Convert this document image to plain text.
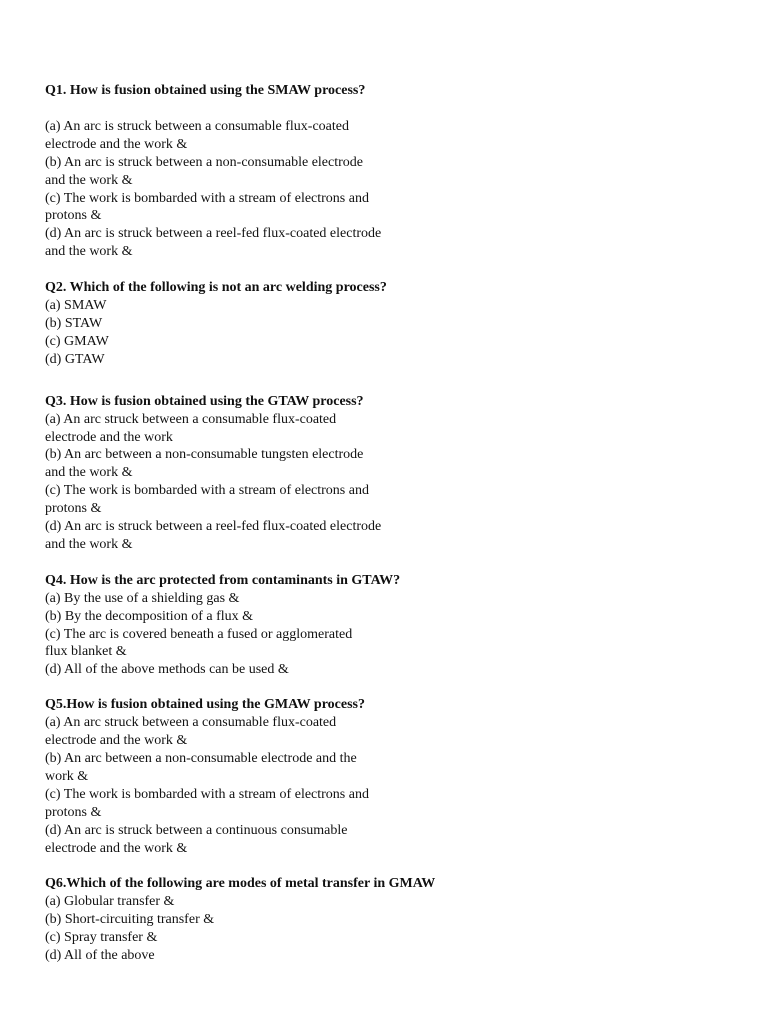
Q1. How is fusion obtained using the SMAW process?

(a) An arc is struck between a consumable flux-coated

electrode and the work &

(b) An arc is struck between a non-consumable electrode

and the work &

(c) The work is bombarded with a stream of electrons and

protons &

(d) An arc is struck between a reel-fed flux-coated electrode

and the work &

Q2. Which of the following is not an arc welding process?

(a) SMAW

(b) STAW

(c) GMAW

(d) GTAW

Q3. How is fusion obtained using the GTAW process?

(a) An arc struck between a consumable flux-coated

electrode and the work

(b) An arc between a non-consumable tungsten electrode

and the work &

(c) The work is bombarded with a stream of electrons and

protons &

(d) An arc is struck between a reel-fed flux-coated electrode

and the work &

Q4. How is the arc protected from contaminants in GTAW?

(a) By the use of a shielding gas &

(b) By the decomposition of a flux &

(c) The arc is covered beneath a fused or agglomerated

flux blanket &

(d) All of the above methods can be used &

Q5.How is fusion obtained using the GMAW process?

(a) An arc struck between a consumable flux-coated

electrode and the work &

(b) An arc between a non-consumable electrode and the

work &

(c) The work is bombarded with a stream of electrons and

protons &

(d) An arc is struck between a continuous consumable

electrode and the work &

Q6.Which of the following are modes of metal transfer in GMAW

(a) Globular transfer &

(b) Short-circuiting transfer &

(c) Spray transfer &

(d) All of the above
